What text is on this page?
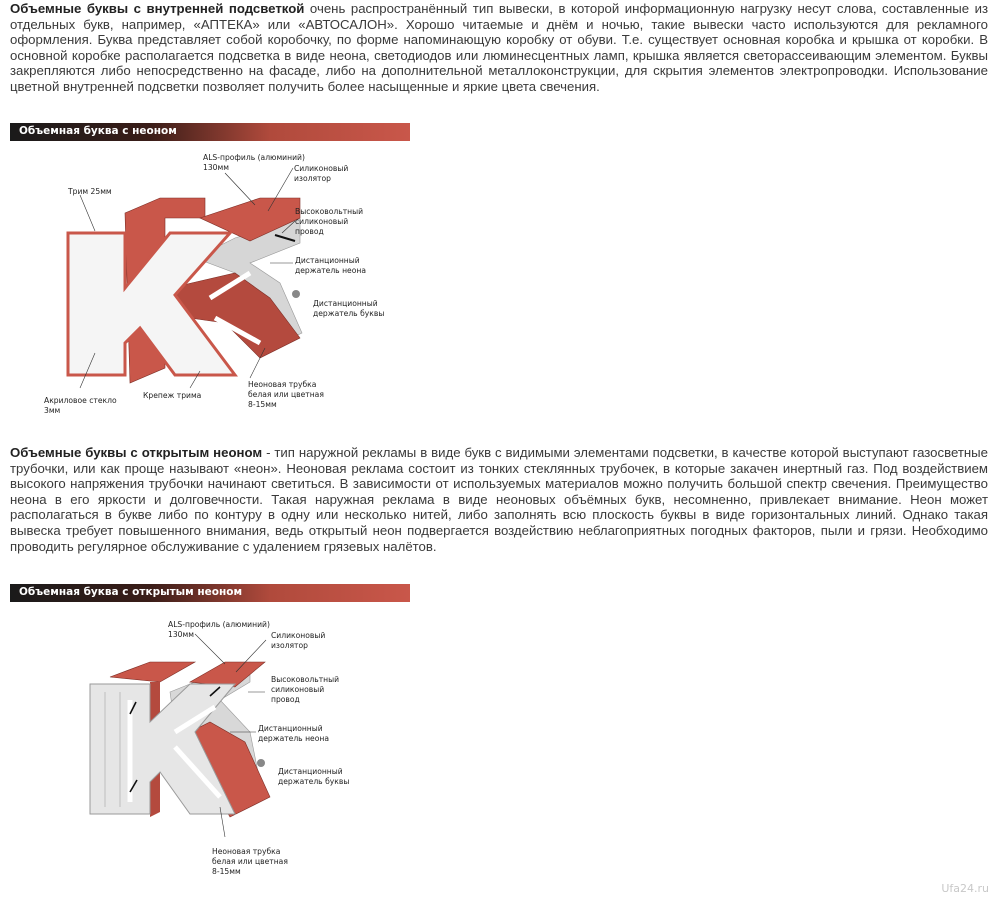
Объемные буквы с внутренней подсветкой очень распространённый тип вывески, в которой информационную нагрузку несут слова, составленные из отдельных букв, например, «АПТЕКА» или «АВТОСАЛОН». Хорошо читаемые и днём и ночью, такие вывески часто используются для рекламного оформления. Буква представляет собой коробочку, по форме напоминающую коробку от обуви. Т.е. существует основная коробка и крышка от коробки. В основной коробке располагается подсветка в виде неона, светодиодов или люминесцентных ламп, крышка является светорассеивающим элементом. Буквы закрепляются либо непосредственно на фасаде, либо на дополнительной металлоконструкции, для скрытия элементов электропроводки. Использование цветной внутренней подсветки позволяет получить более насыщенные и яркие цвета свечения.
Объемная буква с неоном
ALS-профиль (алюминий)
130мм	Силиконовый
изолятор
Трим 25мм
Высоковольтный
силиконовый
провод
Дистанционный
держатель неона
Дистанционный
держатель буквы
Акриловое стекло
3мм
Крепеж трима
Неоновая трубка
белая или цветная
8-15мм
Объемные буквы с открытым неоном - тип наружной рекламы в виде букв с видимыми элементами подсветки, в качестве которой выступают газосветные трубочки, или как проще называют «неон». Неоновая реклама состоит из тонких стеклянных трубочек, в которые закачен инертный газ. Под воздействием высокого напряжения трубочки начинают светиться. В зависимости от используемых материалов можно получить большой спектр свечения. Преимущество неона в его яркости и долговечности. Такая наружная реклама в виде неоновых объёмных букв, несомненно, привлекает внимание. Неон может располагаться в букве либо по контуру в одну или несколько нитей, либо заполнять всю плоскость буквы в виде горизонтальных линий. Однако такая вывеска требует повышенного внимания, ведь открытый неон подвергается воздействию неблагоприятных погодных факторов, пыли и грязи. Необходимо проводить регулярное обслуживание с удалением грязевых налётов.
Объемная буква с открытым неоном
ALS-профиль (алюминий)
130мм	Силиконовый
изолятор
Высоковольтный
силиконовый
провод
Дистанционный
держатель неона
Дистанционный
держатель буквы
Неоновая трубка
белая или цветная
8-15мм
Ufa24.ru
